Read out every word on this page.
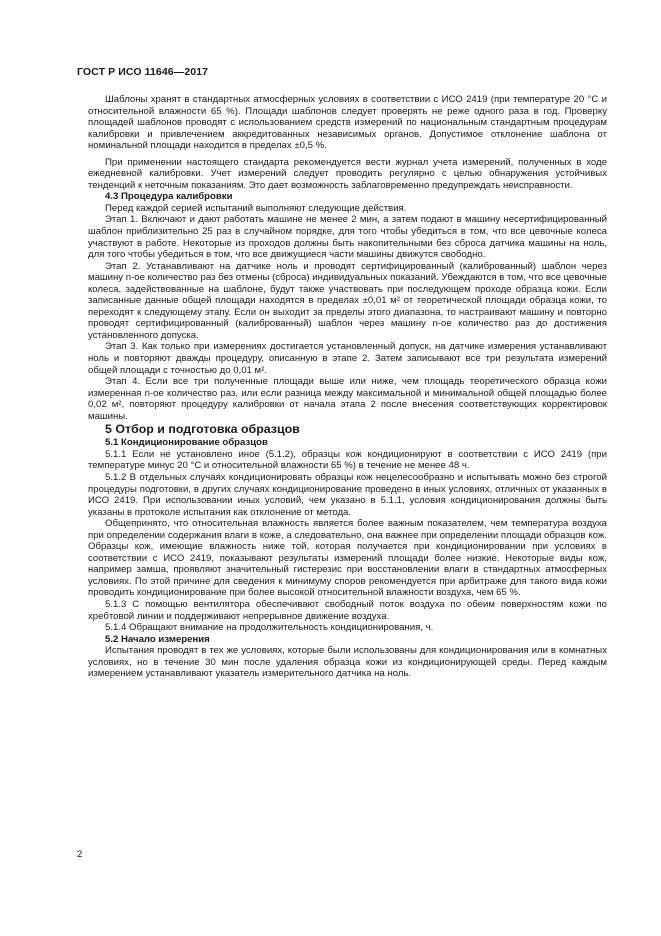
ГОСТ Р ИСО 11646—2017

Шаблоны хранят в стандартных атмосферных условиях в соответствии с ИСО 2419 (при температуре 20 °С и относительной влажности 65 %). Площади шаблонов следует проверять не реже одного раза в год. Проверку площадей шаблонов проводят с использованием средств измерений по национальным стандартным процедурам калибровки и привлечением аккредитованных независимых органов. Допустимое отклонение шаблона от номинальной площади находится в пределах ±0,5 %.

При применении настоящего стандарта рекомендуется вести журнал учета измерений, полученных в ходе ежедневной калибровки. Учет измерений следует проводить регулярно с целью обнаружения устойчивых тенденций к неточным показаниям. Это дает возможность заблаговременно предупреждать неисправности.

4.3 Процедура калибровки

Перед каждой серией испытаний выполняют следующие действия.

Этап 1. Включают и дают работать машине не менее 2 мин, а затем подают в машину несертифицированный шаблон приблизительно 25 раз в случайном порядке, для того чтобы убедиться в том, что все цевочные колеса участвуют в работе. Некоторые из проходов должны быть накопительными без сброса датчика машины на ноль, для того чтобы убедиться в том, что все движущиеся части машины движутся свободно.

Этап 2. Устанавливают на датчике ноль и проводят сертифицированный (калиброванный) шаблон через машину n-ое количество раз без отмены (сброса) индивидуальных показаний. Убеждаются в том, что все цевочные колеса, задействованные на шаблоне, будут также участвовать при последующем проходе образца кожи. Если записанные данные общей площади находятся в пределах ±0,01 м² от теоретической площади образца кожи, то переходят к следующему этапу. Если он выходит за пределы этого диапазона, то настраивают машину и повторно проводят сертифицированный (калиброванный) шаблон через машину n-ое количество раз до достижения установленного допуска.

Этап 3. Как только при измерениях достигается установленный допуск, на датчике измерения устанавливают ноль и повторяют дважды процедуру, описанную в этапе 2. Затем записывают все три результата измерений общей площади с точностью до 0,01 м².

Этап 4. Если все три полученные площади выше или ниже, чем площадь теоретического образца кожи измеренная n-ое количество раз, или если разница между максимальной и минимальной общей площадью более 0,02 м², повторяют процедуру калибровки от начала этапа 2 после внесения соответствующих корректировок машины.

5 Отбор и подготовка образцов

5.1 Кондиционирование образцов

5.1.1 Если не установлено иное (5.1.2), образцы кож кондиционируют в соответствии с ИСО 2419 (при температуре минус 20 °С и относительной влажности 65 %) в течение не менее 48 ч.

5.1.2 В отдельных случаях кондиционировать образцы кож нецелесообразно и испытывать можно без строгой процедуры подготовки, в других случаях кондиционирование проведено в иных условиях, отличных от указанных в ИСО 2419. При использовании иных условий, чем указано в 5.1.1, условия кондиционирования должны быть указаны в протоколе испытания как отклонение от метода.

Общепринято, что относительная влажность является более важным показателем, чем температура воздуха при определении содержания влаги в коже, а следовательно, она важнее при определении площади образцов кож. Образцы кож, имеющие влажность ниже той, которая получается при кондиционировании при условиях в соответствии с ИСО 2419, показывают результаты измерений площади более низкие. Некоторые виды кож, например замша, проявляют значительный гистерезис при восстановлении влаги в стандартных атмосферных условиях. По этой причине для сведения к минимуму споров рекомендуется при арбитраже для такого вида кожи проводить кондиционирование при более высокой относительной влажности воздуха, чем 65 %.

5.1.3 С помощью вентилятора обеспечивают свободный поток воздуха по обеим поверхностям кожи по хребтовой линии и поддерживают непрерывное движение воздуха.

5.1.4 Обращают внимание на продолжительность кондиционирования, ч.

5.2 Начало измерения

Испытания проводят в тех же условиях, которые были использованы для кондиционирования или в комнатных условиях, но в течение 30 мин после удаления образца кожи из кондиционирующей среды. Перед каждым измерением устанавливают указатель измерительного датчика на ноль.

2
